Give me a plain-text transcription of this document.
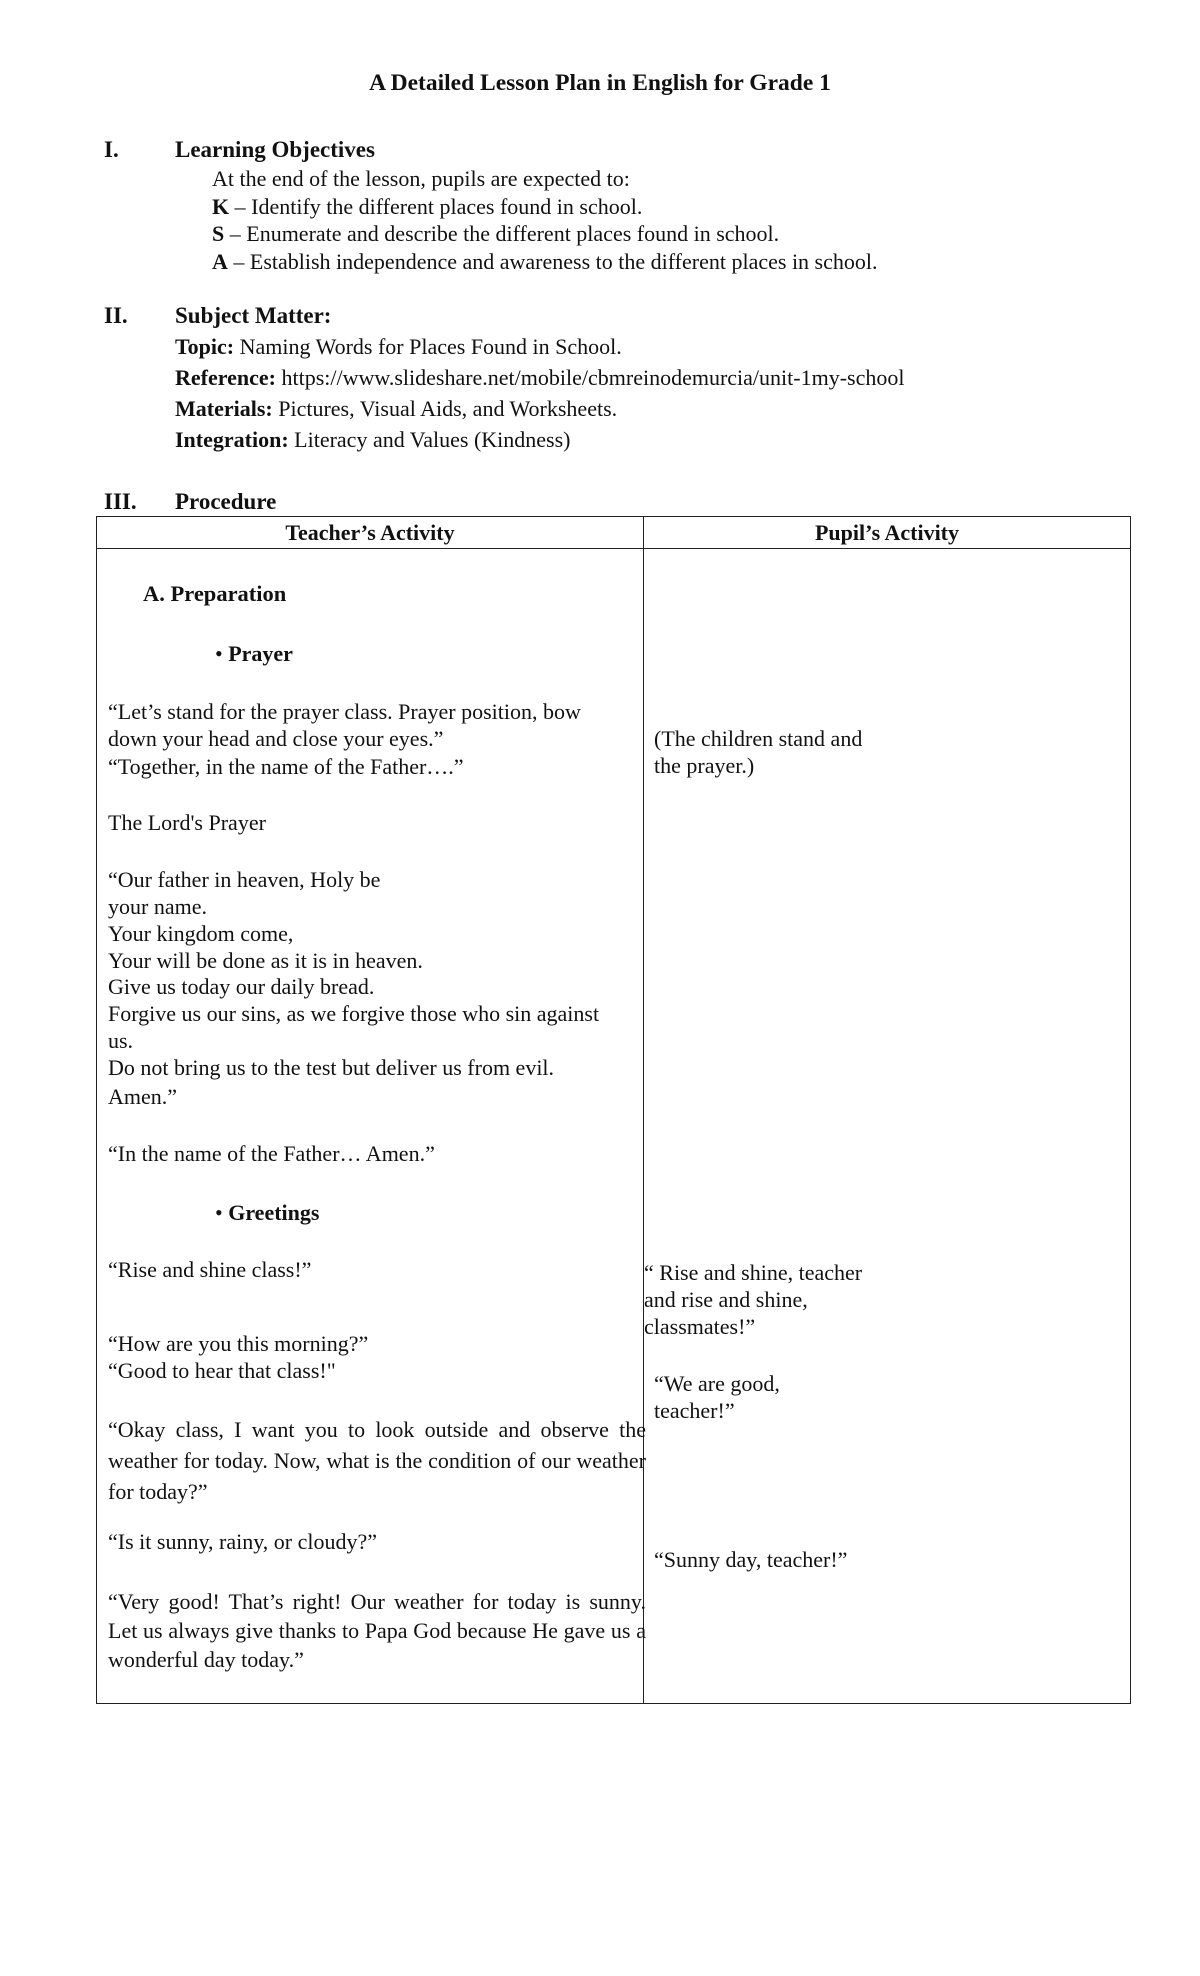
A Detailed Lesson Plan in English for Grade 1
I. Learning Objectives
At the end of the lesson, pupils are expected to:
K – Identify the different places found in school.
S – Enumerate and describe the different places found in school.
A – Establish independence and awareness to the different places in school.
II. Subject Matter:
Topic: Naming Words for Places Found in School.
Reference: https://www.slideshare.net/mobile/cbmreinodemurcia/unit-1my-school
Materials: Pictures, Visual Aids, and Worksheets.
Integration: Literacy and Values (Kindness)
III. Procedure
Teacher’s Activity	Pupil’s Activity
A. Preparation
• Prayer
“Let’s stand for the prayer class. Prayer position, bow
down your head and close your eyes.”
“Together, in the name of the Father….”
The Lord's Prayer
“Our father in heaven, Holy be
your name.
Your kingdom come,
Your will be done as it is in heaven.
Give us today our daily bread.
Forgive us our sins, as we forgive those who sin against
us.
Do not bring us to the test but deliver us from evil.
Amen.”
“In the name of the Father… Amen.”
• Greetings
“Rise and shine class!”
“How are you this morning?”
“Good to hear that class!"
“Okay class, I want you to look outside and observe the weather for today. Now, what is the condition of our weather for today?”
“Is it sunny, rainy, or cloudy?”
“Very good! That’s right! Our weather for today is sunny. Let us always give thanks to Papa God because He gave us a wonderful day today.”
(The children stand and
the prayer.)
“ Rise and shine, teacher
and rise and shine,
classmates!”
“We are good,
teacher!”
“Sunny day, teacher!”
